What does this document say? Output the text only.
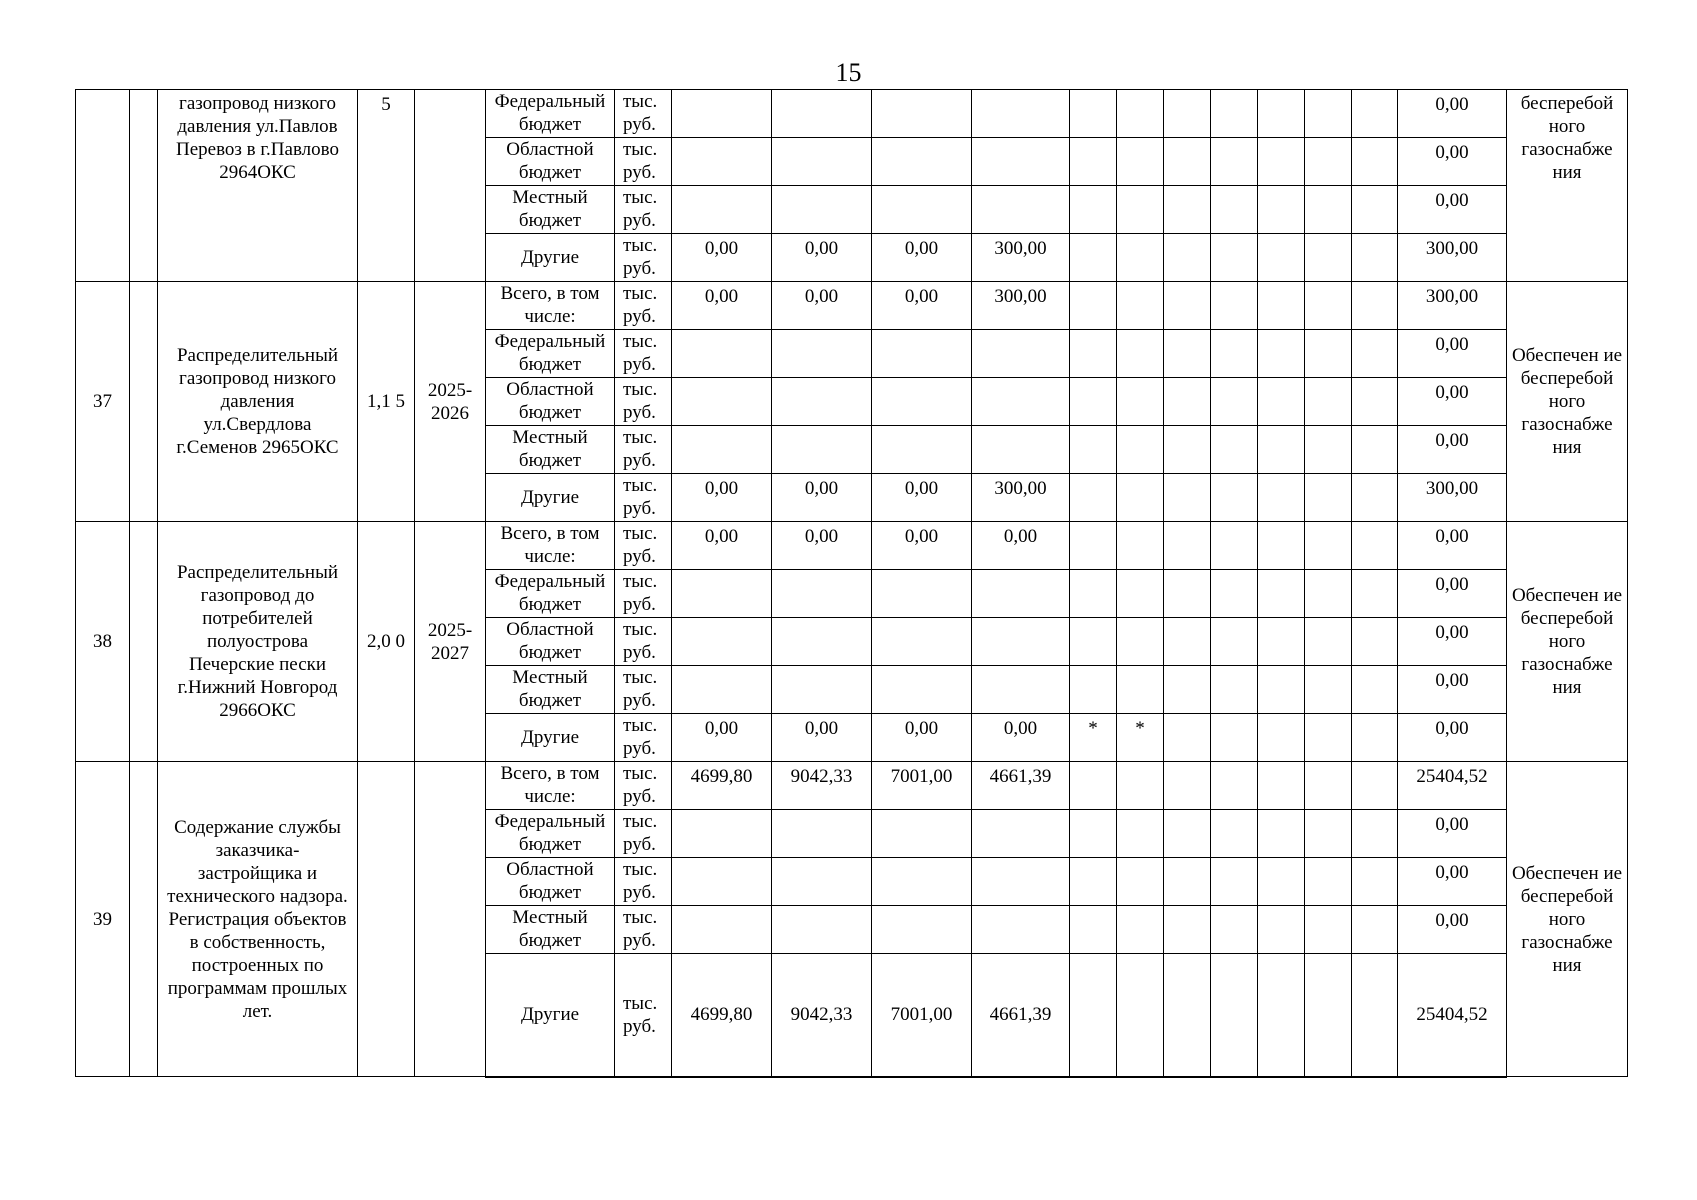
15
		газопровод низкого давления ул.Павлов Перевоз в г.Павлово 2964ОКС	5		Федеральный бюджет	тыс. руб.												0,00	бесперебой ного газоснабже ния
					Областной бюджет	тыс. руб.												0,00	
					Местный бюджет	тыс. руб.												0,00	
					Другие	тыс. руб.	0,00	0,00	0,00	300,00								300,00	
37		Распределительный газопровод низкого давления ул.Свердлова г.Семенов 2965ОКС	1,1 5	2025- 2026	Всего, в том числе:	тыс. руб.	0,00	0,00	0,00	300,00								300,00	Обеспечен ие бесперебой ного газоснабже ния
					Федеральный бюджет	тыс. руб.												0,00	
					Областной бюджет	тыс. руб.												0,00	
					Местный бюджет	тыс. руб.												0,00	
					Другие	тыс. руб.	0,00	0,00	0,00	300,00								300,00	
38		Распределительный газопровод до потребителей полуострова Печерские пески г.Нижний Новгород 2966ОКС	2,0 0	2025- 2027	Всего, в том числе:	тыс. руб.	0,00	0,00	0,00	0,00								0,00	Обеспечен ие бесперебой ного газоснабже ния
					Федеральный бюджет	тыс. руб.												0,00	
					Областной бюджет	тыс. руб.												0,00	
					Местный бюджет	тыс. руб.												0,00	
					Другие	тыс. руб.	0,00	0,00	0,00	0,00	*	*						0,00	
39		Содержание службы заказчика- застройщика и технического надзора. Регистрация объектов в собственность, построенных по программам прошлых лет.			Всего, в том числе:	тыс. руб.	4699,80	9042,33	7001,00	4661,39								25404,52	Обеспечен ие бесперебой ного газоснабже ния
					Федеральный бюджет	тыс. руб.												0,00	
					Областной бюджет	тыс. руб.												0,00	
					Местный бюджет	тыс. руб.												0,00	
					Другие	тыс. руб.	4699,80	9042,33	7001,00	4661,39								25404,52	
